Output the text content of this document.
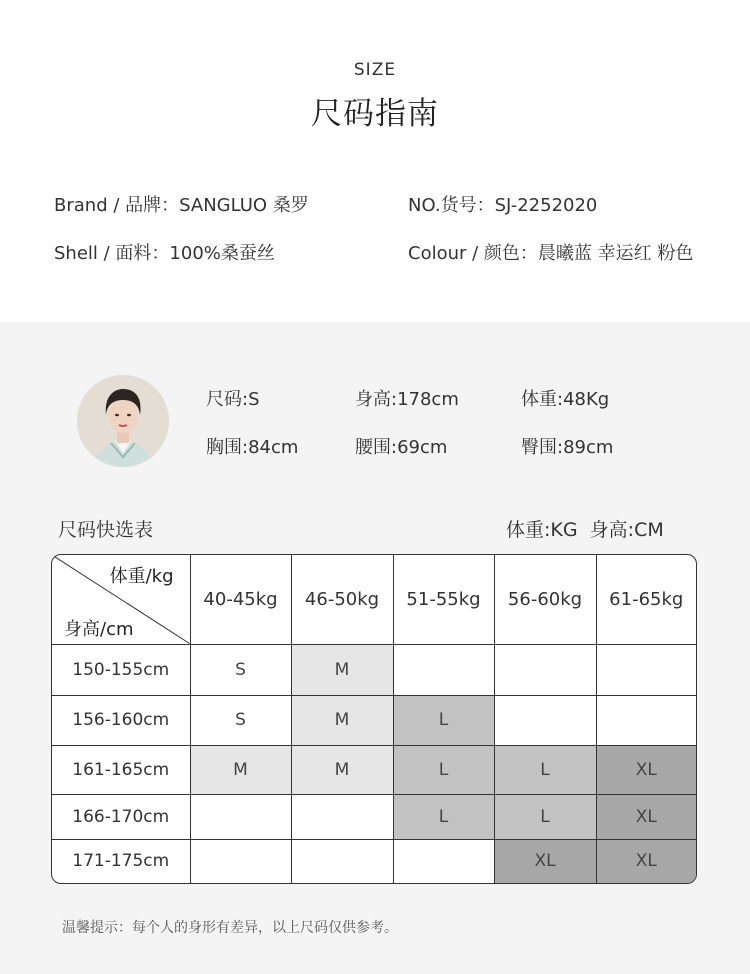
SIZE
尺码指南
Brand / 品牌：SANGLUO 桑罗	NO.货号：SJ-2252020
Shell / 面料：100%桑蚕丝	Colour / 颜色：晨曦蓝 幸运红 粉色
尺码:S	身高:178cm	体重:48Kg
胸围:84cm	腰围:69cm	臀围:89cm
尺码快选表	体重:KG  身高:CM
体重/kg
身高/cm	40-45kg	46-50kg	51-55kg	56-60kg	61-65kg
150-155cm	S	M			
156-160cm	S	M	L		
161-165cm	M	M	L	L	XL
166-170cm			L	L	XL
171-175cm				XL	XL
温馨提示：每个人的身形有差异，以上尺码仅供参考。
